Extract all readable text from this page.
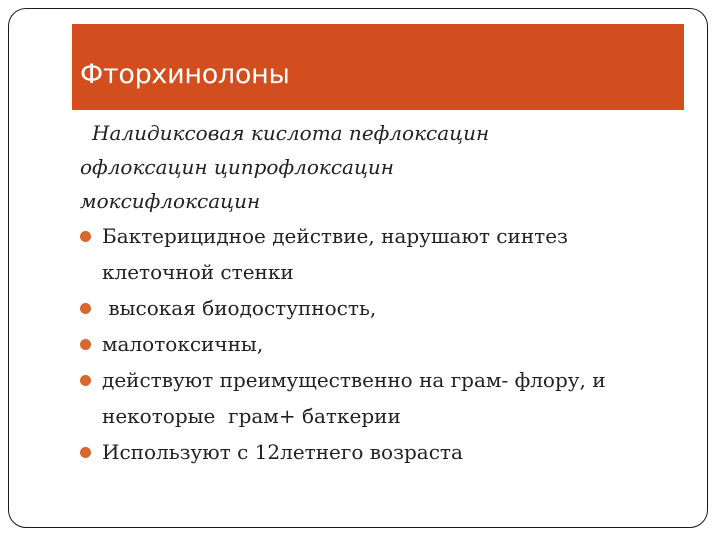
Фторхинолоны
Налидиксовая кислота пефлоксацин
офлоксацин ципрофлоксацин
моксифлоксацин
Бактерицидное действие, нарушают синтез
клеточной стенки
высокая биодоступность,
малотоксичны,
действуют преимущественно на грам- флору, и
некоторые  грам+ баткерии
Используют с 12летнего возраста
